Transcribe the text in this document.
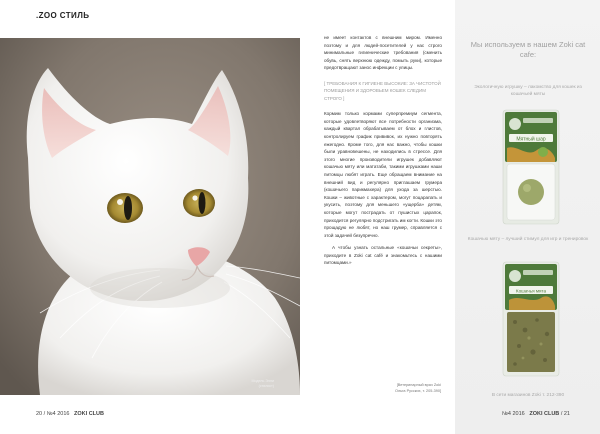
.ZOO СТИЛЬ
Модель Элли
(стилист)
20 / №4 2016 ZOKI CLUB

не имеет контактов с внешним миром. Именно поэтому и для людей-посетителей у нас строго минимальные гигиенические требования (сменить обувь, снять верхнюю одежду, помыть руки), которые предотвращают занос инфекции с улицы.

[ ТРЕБОВАНИЯ К ГИГИЕНЕ ВЫСОКИЕ: ЗА ЧИСТОТОЙ ПОМЕЩЕНИЯ И ЗДОРОВЬЕМ КОШЕК СЛЕДИМ СТРОГО ]

Кормим только кормами суперпремиум сегмента, которые удовлетворяют все потребности организма, каждый квартал обрабатываем от блох и глистов, контролируем график прививок, их нужно повторять ежегодно. Кроме того, для нас важно, чтобы кошки были уравновешены, не находились в стрессе. Для этого многие производители игрушек добавляют кошачью мяту или мататаби, такими игрушками наши питомцы любят играть. Еще обращаем внимание на внешний вид и регулярно приглашаем грумера (кошачьего парикмахера) для ухода за шерстью. Кошки – животные с характером, могут поцарапать и укусить, поэтому для меньшего «ущерба» детям, которые могут пострадать от пушистых царапок, приходится регулярно подстригать им когти. Кошки это прощадую не любят, но наш грумер, справляется с этой задачей безупречно.

А чтобы узнать остальные «кошачьи секреты», приходите в Zoki cat café и знакомьтесь с нашими питомцами.»

[Ветеринарный врач Zoki
Ольга Русских, т. 205-390]
Мы используем в нашем Zoki cat cafe:
Экологичную игрушку – лакомство для кошек из кошачьей мяты
Мятный шар
Кошачью мяту – лучший стимул для игр и тренировок
Кошачья мята
В сети магазинов Zoki т. 212-390
№4 2016 ZOKI CLUB / 21
